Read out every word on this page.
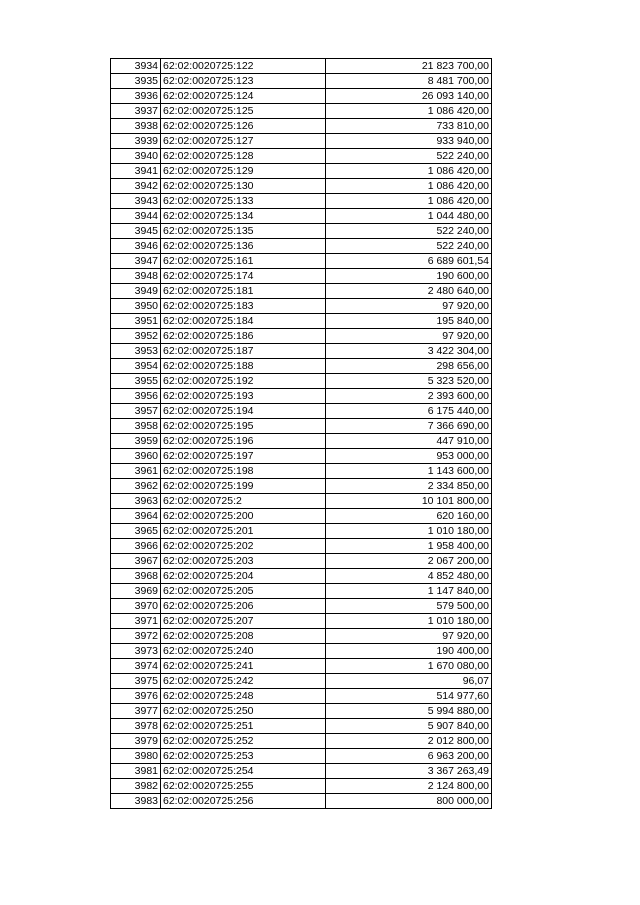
3934	62:02:0020725:122	21 823 700,00
3935	62:02:0020725:123	8 481 700,00
3936	62:02:0020725:124	26 093 140,00
3937	62:02:0020725:125	1 086 420,00
3938	62:02:0020725:126	733 810,00
3939	62:02:0020725:127	933 940,00
3940	62:02:0020725:128	522 240,00
3941	62:02:0020725:129	1 086 420,00
3942	62:02:0020725:130	1 086 420,00
3943	62:02:0020725:133	1 086 420,00
3944	62:02:0020725:134	1 044 480,00
3945	62:02:0020725:135	522 240,00
3946	62:02:0020725:136	522 240,00
3947	62:02:0020725:161	6 689 601,54
3948	62:02:0020725:174	190 600,00
3949	62:02:0020725:181	2 480 640,00
3950	62:02:0020725:183	97 920,00
3951	62:02:0020725:184	195 840,00
3952	62:02:0020725:186	97 920,00
3953	62:02:0020725:187	3 422 304,00
3954	62:02:0020725:188	298 656,00
3955	62:02:0020725:192	5 323 520,00
3956	62:02:0020725:193	2 393 600,00
3957	62:02:0020725:194	6 175 440,00
3958	62:02:0020725:195	7 366 690,00
3959	62:02:0020725:196	447 910,00
3960	62:02:0020725:197	953 000,00
3961	62:02:0020725:198	1 143 600,00
3962	62:02:0020725:199	2 334 850,00
3963	62:02:0020725:2	10 101 800,00
3964	62:02:0020725:200	620 160,00
3965	62:02:0020725:201	1 010 180,00
3966	62:02:0020725:202	1 958 400,00
3967	62:02:0020725:203	2 067 200,00
3968	62:02:0020725:204	4 852 480,00
3969	62:02:0020725:205	1 147 840,00
3970	62:02:0020725:206	579 500,00
3971	62:02:0020725:207	1 010 180,00
3972	62:02:0020725:208	97 920,00
3973	62:02:0020725:240	190 400,00
3974	62:02:0020725:241	1 670 080,00
3975	62:02:0020725:242	96,07
3976	62:02:0020725:248	514 977,60
3977	62:02:0020725:250	5 994 880,00
3978	62:02:0020725:251	5 907 840,00
3979	62:02:0020725:252	2 012 800,00
3980	62:02:0020725:253	6 963 200,00
3981	62:02:0020725:254	3 367 263,49
3982	62:02:0020725:255	2 124 800,00
3983	62:02:0020725:256	800 000,00
